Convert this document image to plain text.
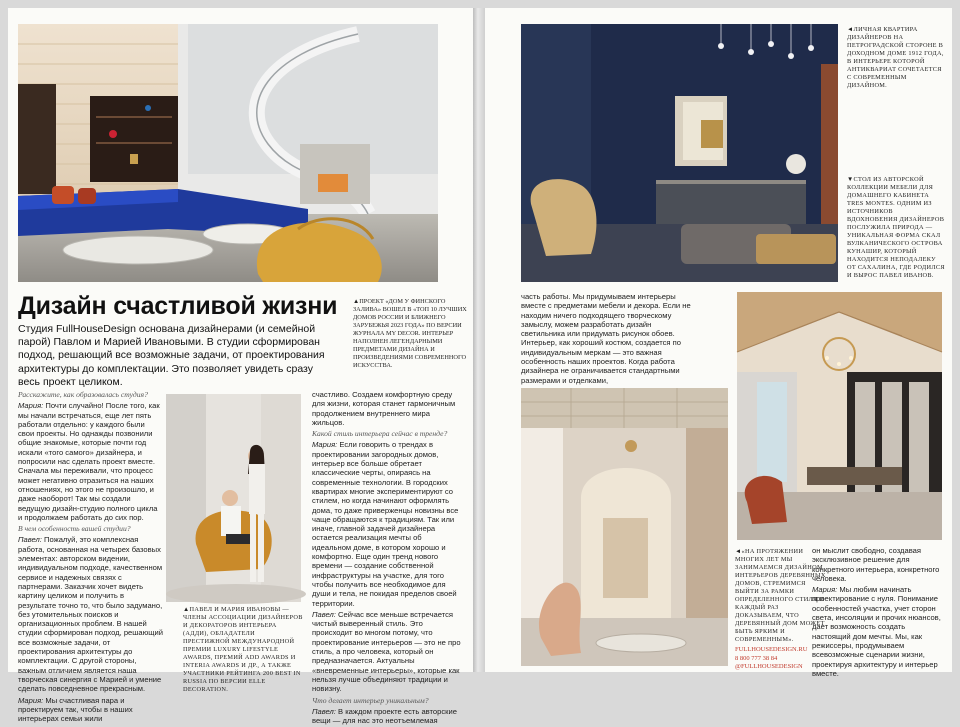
Дизайн счастливой жизни
Студия FullHouseDesign основана дизайнерами (и семейной парой) Павлом и Марией Ивановыми. В студии сформирован подход, решающий все возможные задачи, от проектирования архитектуры до комплектации. Это позволяет увидеть сразу весь проект целиком.
▲ПРОЕКТ «ДОМ У ФИНСКОГО ЗАЛИВА» ВОШЕЛ В «ТОП 10 ЛУЧШИХ ДОМОВ РОССИИ И БЛИЖНЕГО ЗАРУБЕЖЬЯ 2023 ГОДА» ПО ВЕРСИИ ЖУРНАЛА MY DECOR. ИНТЕРЬЕР НАПОЛНЕН ЛЕГЕНДАРНЫМИ ПРЕДМЕТАМИ ДИЗАЙНА И ПРОИЗВЕДЕНИЯМИ СОВРЕМЕННОГО ИСКУССТВА.

Расскажите, как образовалась студия?

Мария: Почти случайно! После того, как мы начали встречаться, еще лет пять работали отдельно: у каждого были свои проекты. Но однажды позвонили общие знакомые, которые почти год искали «того самого» дизайнера, и попросили нас сделать проект вместе. Сначала мы переживали, что процесс может негативно отразиться на наших отношениях, но этого не произошло, и даже наоборот! Так мы создали ведущую дизайн-студию полного цикла и продолжаем работать до сих пор.

В чем особенность вашей студии?

Павел: Пожалуй, это комплексная работа, основанная на четырех базовых элементах: авторском видении, индивидуальном подходе, качественном сервисе и надежных связях с партнерами. Заказчик хочет видеть картину целиком и получить в результате точно то, что было задумано, без утомительных поисков и организационных проблем. В нашей студии сформирован подход, решающий все возможные задачи, от проектирования архитектуры до комплектации. С другой стороны, важным отличием является наша творческая синергия с Марией и умение сделать повседневное прекрасным.

Мария: Мы счастливая пара и проектируем так, чтобы в наших интерьерах семьи жили

▲ПАВЕЛ И МАРИЯ ИВАНОВЫ — ЧЛЕНЫ АССОЦИАЦИИ ДИЗАЙНЕРОВ И ДЕКОРАТОРОВ ИНТЕРЬЕРА (АДДИ), ОБЛАДАТЕЛИ ПРЕСТИЖНОЙ МЕЖДУНАРОДНОЙ ПРЕМИИ LUXURY LIFESTYLE AWARDS, ПРЕМИЙ ADD AWARDS И INTERIA AWARDS И ДР., А ТАКЖЕ УЧАСТНИКИ РЕЙТИНГА 200 BEST IN RUSSIA ПО ВЕРСИИ ELLE DECORATION.

счастливо. Создаем комфортную среду для жизни, которая станет гармоничным продолжением внутреннего мира жильцов.

Какой стиль интерьера сейчас в тренде?

Мария: Если говорить о трендах в проектировании загородных домов, интерьер все больше обретает классические черты, опираясь на современные технологии. В городских квартирах многие экспериментируют со стилем, но когда начинают оформлять дома, то даже приверженцы новизны все чаще обращаются к традициям. Так или иначе, главной задачей дизайнера остается реализация мечты об идеальном доме, в котором хорошо и комфортно. Еще один тренд нового времени — создание собственной инфраструктуры на участке, для того чтобы получить все необходимое для души и тела, не покидая пределов своей территории.

Павел: Сейчас все меньше встречается чистый выверенный стиль. Это происходит во многом потому, что проектирование интерьеров — это не про стиль, а про человека, который он предназначается. Актуальны «вневременные интерьеры», которые как нельзя лучше объединяют традиции и новизну.

Что делает интерьер уникальным?

Павел: В каждом проекте есть авторские вещи — для нас это неотъемлемая

◄ЛИЧНАЯ КВАРТИРА ДИЗАЙНЕРОВ НА ПЕТРОГРАДСКОЙ СТОРОНЕ В ДОХОДНОМ ДОМЕ 1912 ГОДА, В ИНТЕРЬЕРЕ КОТОРОЙ АНТИКВАРИАТ СОЧЕТАЕТСЯ С СОВРЕМЕННЫМ ДИЗАЙНОМ.
▼СТОЛ ИЗ АВТОРСКОЙ КОЛЛЕКЦИИ МЕБЕЛИ ДЛЯ ДОМАШНЕГО КАБИНЕТА TRES MONTES. ОДНИМ ИЗ ИСТОЧНИКОВ ВДОХНОВЕНИЯ ДИЗАЙНЕРОВ ПОСЛУЖИЛА ПРИРОДА — УНИКАЛЬНАЯ ФОРМА СКАЛ ВУЛКАНИЧЕСКОГО ОСТРОВА КУНАШИР, КОТОРЫЙ НАХОДИТСЯ НЕПОДАЛЕКУ ОТ САХАЛИНА, ГДЕ РОДИЛСЯ И ВЫРОС ПАВЕЛ ИВАНОВ.

часть работы. Мы придумываем интерьеры вместе с предметами мебели и декора. Если не находим ничего подходящего творческому замыслу, можем разработать дизайн светильника или придумать рисунок обоев. Интерьер, как хороший костюм, создается по индивидуальным меркам — это важная особенность наших проектов. Когда работа дизайнера не ограничивается стандартными размерами и отделками,

◄«НА ПРОТЯЖЕНИИ МНОГИХ ЛЕТ МЫ ЗАНИМАЕМСЯ ДИЗАЙНОМ ИНТЕРЬЕРОВ ДЕРЕВЯННЫХ ДОМОВ, СТРЕМИМСЯ ВЫЙТИ ЗА РАМКИ ОПРЕДЕЛЕННОГО СТИЛЯ И КАЖДЫЙ РАЗ ДОКАЗЫВАЕМ, ЧТО ДЕРЕВЯННЫЙ ДОМ МОЖЕТ БЫТЬ ЯРКИМ И СОВРЕМЕННЫМ».

он мыслит свободно, создавая эксклюзивное решение для конкретного интерьера, конкретного человека.

Мария: Мы любим начинать проектирование с нуля. Понимание особенностей участка, учет сторон света, инсоляции и прочих нюансов, дает возможность создать настоящий дом мечты. Мы, как режиссеры, продумываем всевозможные сценарии жизни, проектируя архитектуру и интерьер вместе.

FULLHOUSEDESIGN.RU
8 800 777 38 84
@FULLHOUSEDESIGN
